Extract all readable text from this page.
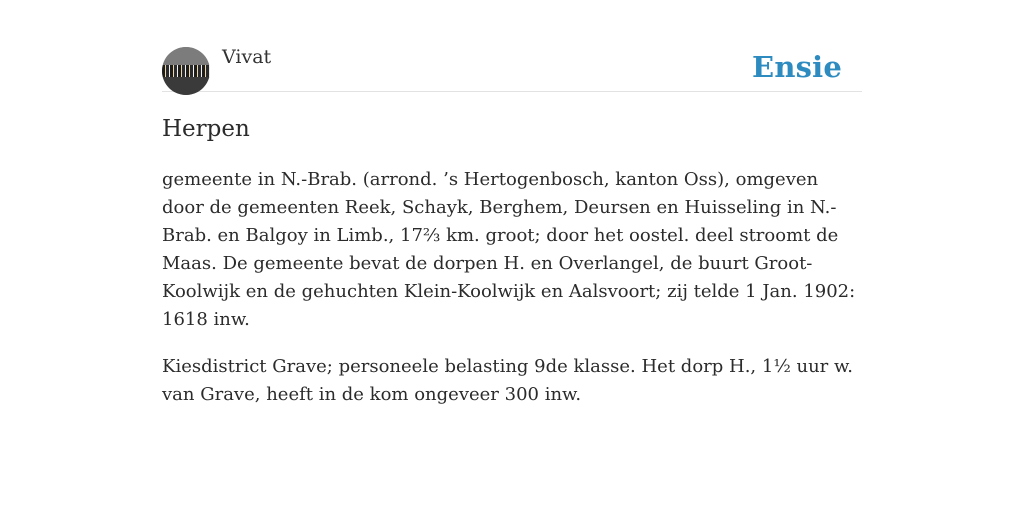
Vivat	Ensie
Herpen

gemeente in N.-Brab. (arrond. ’s Hertogenbosch, kanton Oss), omgeven door de gemeenten Reek, Schayk, Berghem, Deursen en Huisseling in N.-Brab. en Balgoy in Limb., 17⅔ km. groot; door het oostel. deel stroomt de Maas. De gemeente bevat de dorpen H. en Overlangel, de buurt Groot-Koolwijk en de gehuchten Klein-Koolwijk en Aalsvoort; zij telde 1 Jan. 1902: 1618 inw.

Kiesdistrict Grave; personeele belasting 9de klasse. Het dorp H., 1½ uur w. van Grave, heeft in de kom ongeveer 300 inw.
